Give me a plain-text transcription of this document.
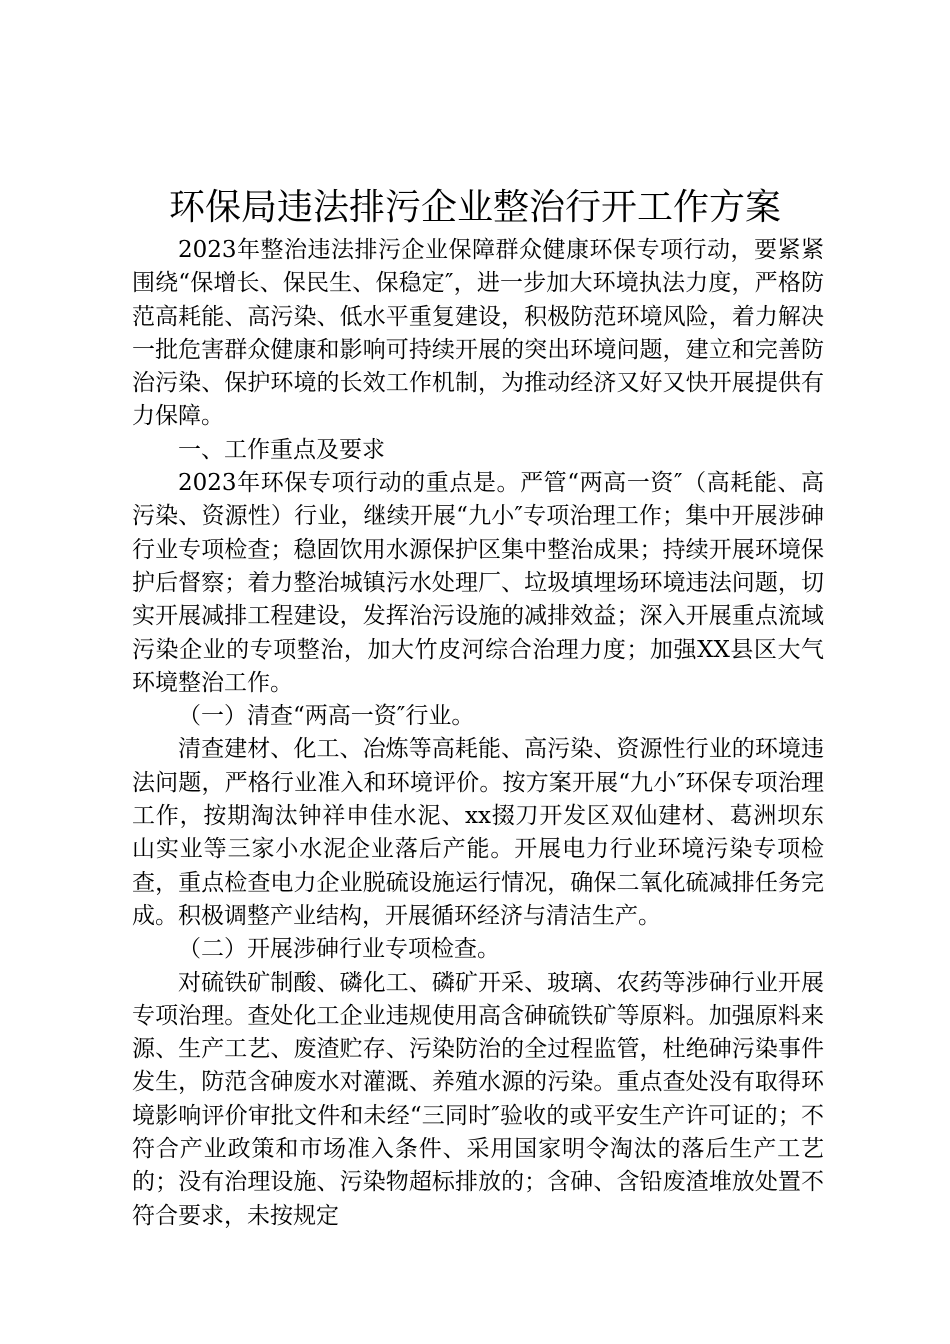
环保局违法排污企业整治行开工作方案

2023年整治违法排污企业保障群众健康环保专项行动，要紧紧围绕“保增长、保民生、保稳定″，进一步加大环境执法力度，严格防范高耗能、高污染、低水平重复建设，积极防范环境风险，着力解决一批危害群众健康和影响可持续开展的突出环境问题，建立和完善防治污染、保护环境的长效工作机制，为推动经济又好又快开展提供有力保障。

一、工作重点及要求

2023年环保专项行动的重点是。严管“两高一资″（高耗能、高污染、资源性）行业，继续开展“九小″专项治理工作；集中开展涉砷行业专项检查；稳固饮用水源保护区集中整治成果；持续开展环境保护后督察；着力整治城镇污水处理厂、垃圾填埋场环境违法问题，切实开展减排工程建设，发挥治污设施的减排效益；深入开展重点流域污染企业的专项整治，加大竹皮河综合治理力度；加强XX县区大气环境整治工作。

（一）清查“两高一资″行业。

清查建材、化工、冶炼等高耗能、高污染、资源性行业的环境违法问题，严格行业准入和环境评价。按方案开展“九小″环保专项治理工作，按期淘汰钟祥申佳水泥、xx掇刀开发区双仙建材、葛洲坝东山实业等三家小水泥企业落后产能。开展电力行业环境污染专项检查，重点检查电力企业脱硫设施运行情况，确保二氧化硫减排任务完成。积极调整产业结构，开展循环经济与清洁生产。

（二）开展涉砷行业专项检查。

对硫铁矿制酸、磷化工、磷矿开采、玻璃、农药等涉砷行业开展专项治理。查处化工企业违规使用高含砷硫铁矿等原料。加强原料来源、生产工艺、废渣贮存、污染防治的全过程监管，杜绝砷污染事件发生，防范含砷废水对灌溉、养殖水源的污染。重点查处没有取得环境影响评价审批文件和未经“三同时″验收的或平安生产许可证的；不符合产业政策和市场准入条件、采用国家明令淘汰的落后生产工艺的；没有治理设施、污染物超标排放的；含砷、含铅废渣堆放处置不符合要求，未按规定
